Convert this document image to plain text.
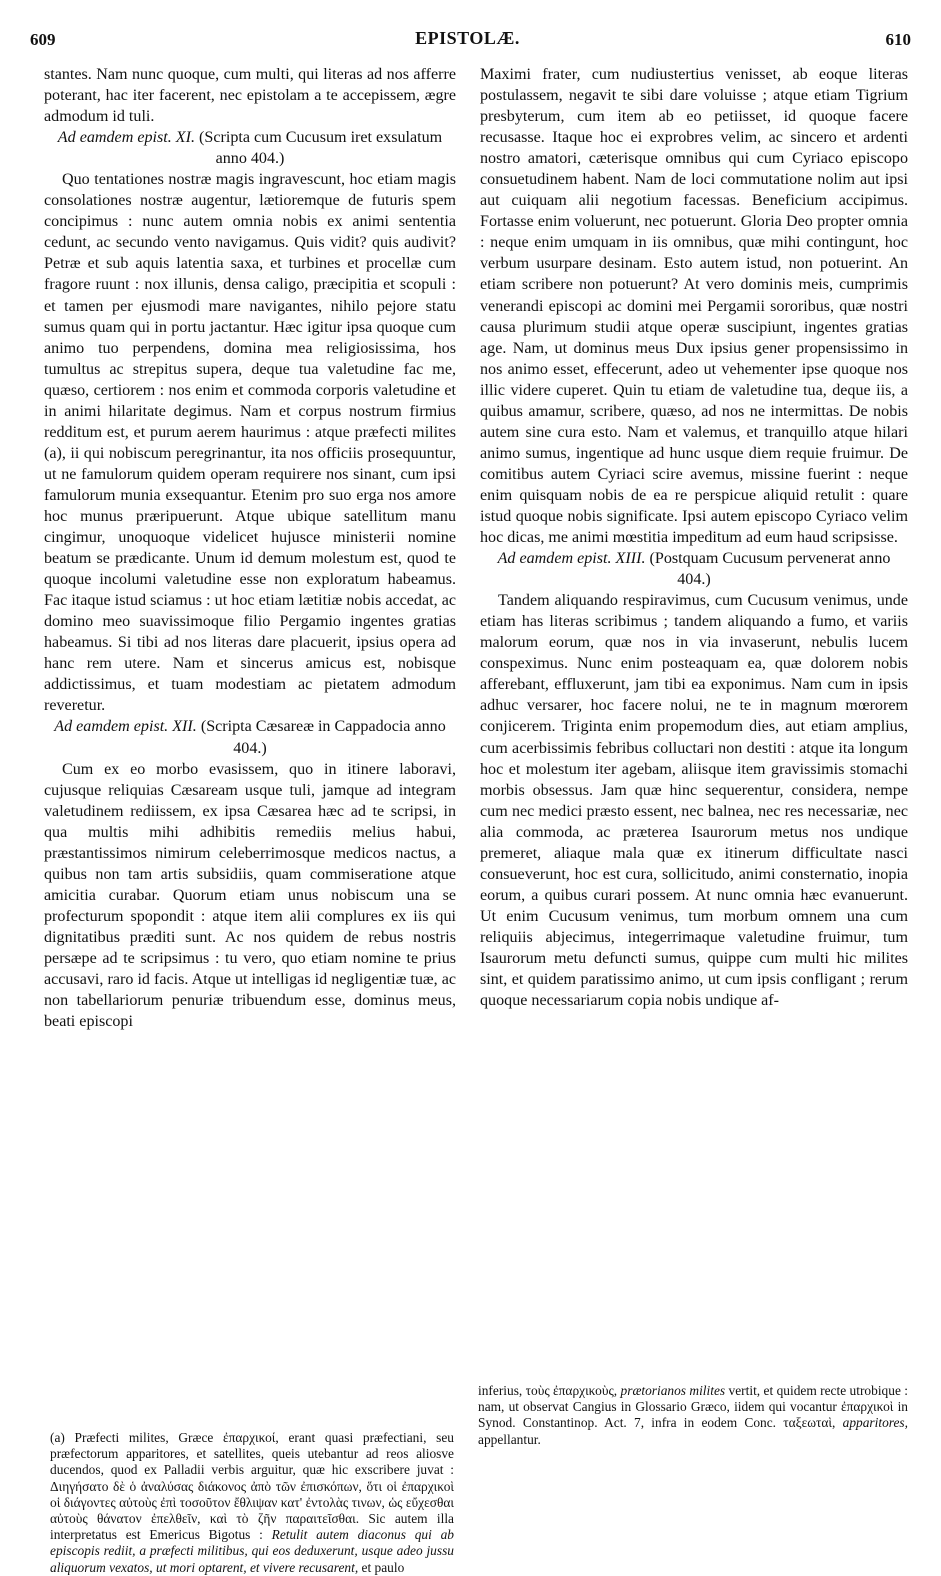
609	EPISTOLÆ.	610

stantes. Nam nunc quoque, cum multi, qui literas ad nos afferre poterant, hac iter facerent, nec epistolam a te accepissem, ægre admodum id tuli.

Ad eamdem epist. XI. (Scripta cum Cucusum iret exsulatum anno 404.)

Quo tentationes nostræ magis ingravescunt, hoc etiam magis consolationes nostræ augentur, lætioremque de futuris spem concipimus : nunc autem omnia nobis ex animi sententia cedunt, ac secundo vento navigamus. Quis vidit? quis audivit? Petræ et sub aquis latentia saxa, et turbines et procellæ cum fragore ruunt : nox illunis, densa caligo, præcipitia et scopuli : et tamen per ejusmodi mare navigantes, nihilo pejore statu sumus quam qui in portu jactantur. Hæc igitur ipsa quoque cum animo tuo perpendens, domina mea religiosissima, hos tumultus ac strepitus supera, deque tua valetudine fac me, quæso, certiorem : nos enim et commoda corporis valetudine et in animi hilaritate degimus. Nam et corpus nostrum firmius redditum est, et purum aerem haurimus : atque præfecti milites (a), ii qui nobiscum peregrinantur, ita nos officiis prosequuntur, ut ne famulorum quidem operam requirere nos sinant, cum ipsi famulorum munia exsequantur. Etenim pro suo erga nos amore hoc munus præripuerunt. Atque ubique satellitum manu cingimur, unoquoque videlicet hujusce ministerii nomine beatum se prædicante. Unum id demum molestum est, quod te quoque incolumi valetudine esse non exploratum habeamus. Fac itaque istud sciamus : ut hoc etiam lætitiæ nobis accedat, ac domino meo suavissimoque filio Pergamio ingentes gratias habeamus. Si tibi ad nos literas dare placuerit, ipsius opera ad hanc rem utere. Nam et sincerus amicus est, nobisque addictissimus, et tuam modestiam ac pietatem admodum reveretur.

Ad eamdem epist. XII. (Scripta Cæsareæ in Cappadocia anno 404.)

Cum ex eo morbo evasissem, quo in itinere laboravi, cujusque reliquias Cæsaream usque tuli, jamque ad integram valetudinem rediissem, ex ipsa Cæsarea hæc ad te scripsi, in qua multis mihi adhibitis remediis melius habui, præstantissimos nimirum celeberrimosque medicos nactus, a quibus non tam artis subsidiis, quam commiseratione atque amicitia curabar. Quorum etiam unus nobiscum una se profecturum spopondit : atque item alii complures ex iis qui dignitatibus præditi sunt. Ac nos quidem de rebus nostris persæpe ad te scripsimus : tu vero, quo etiam nomine te prius accusavi, raro id facis. Atque ut intelligas id negligentiæ tuæ, ac non tabellariorum penuriæ tribuendum esse, dominus meus, beati episcopi

(a) Præfecti milites, Græce ἐπαρχικοί, erant quasi præfectiani, seu præfectorum apparitores, et satellites, queis utebantur ad reos aliosve ducendos, quod ex Palladii verbis arguitur, quæ hic exscribere juvat : Διηγήσατο δὲ ὁ ἀναλύσας διάκονος ἀπὸ τῶν ἐπισκόπων, ὅτι οἱ ἐπαρχικοὶ οἱ διάγοντες αὐτοὺς ἐπὶ τοσοῦτον ἔθλιψαν κατ' ἐντολὰς τινων, ὡς εὔχεσθαι αὐτοὺς θάνατον ἐπελθεῖν, καὶ τὸ ζῆν παραιτεῖσθαι. Sic autem illa interpretatus est Emericus Bigotus : Retulit autem diaconus qui ab episcopis rediit, a præfecti militibus, qui eos deduxerunt, usque adeo jussu aliquorum vexatos, ut mori optarent, et vivere recusarent, et paulo

Maximi frater, cum nudiustertius venisset, ab eoque literas postulassem, negavit te sibi dare voluisse ; atque etiam Tigrium presbyterum, cum item ab eo petiisset, id quoque facere recusasse. Itaque hoc ei exprobres velim, ac sincero et ardenti nostro amatori, cæterisque omnibus qui cum Cyriaco episcopo consuetudinem habent. Nam de loci commutatione nolim aut ipsi aut cuiquam alii negotium facessas. Beneficium accipimus. Fortasse enim voluerunt, nec potuerunt. Gloria Deo propter omnia : neque enim umquam in iis omnibus, quæ mihi contingunt, hoc verbum usurpare desinam. Esto autem istud, non potuerint. An etiam scribere non potuerunt? At vero dominis meis, cumprimis venerandi episcopi ac domini mei Pergamii sororibus, quæ nostri causa plurimum studii atque operæ suscipiunt, ingentes gratias age. Nam, ut dominus meus Dux ipsius gener propensissimo in nos animo esset, effecerunt, adeo ut vehementer ipse quoque nos illic videre cuperet. Quin tu etiam de valetudine tua, deque iis, a quibus amamur, scribere, quæso, ad nos ne intermittas. De nobis autem sine cura esto. Nam et valemus, et tranquillo atque hilari animo sumus, ingentique ad hunc usque diem requie fruimur. De comitibus autem Cyriaci scire avemus, missine fuerint : neque enim quisquam nobis de ea re perspicue aliquid retulit : quare istud quoque nobis significate. Ipsi autem episcopo Cyriaco velim hoc dicas, me animi mœstitia impeditum ad eum haud scripsisse.

Ad eamdem epist. XIII. (Postquam Cucusum pervenerat anno 404.)

Tandem aliquando respiravimus, cum Cucusum venimus, unde etiam has literas scribimus ; tandem aliquando a fumo, et variis malorum eorum, quæ nos in via invaserunt, nebulis lucem conspeximus. Nunc enim posteaquam ea, quæ dolorem nobis afferebant, effluxerunt, jam tibi ea exponimus. Nam cum in ipsis adhuc versarer, hoc facere nolui, ne te in magnum mœrorem conjicerem. Triginta enim propemodum dies, aut etiam amplius, cum acerbissimis febribus colluctari non destiti : atque ita longum hoc et molestum iter agebam, aliisque item gravissimis stomachi morbis obsessus. Jam quæ hinc sequerentur, considera, nempe cum nec medici præsto essent, nec balnea, nec res necessariæ, nec alia commoda, ac præterea Isaurorum metus nos undique premeret, aliaque mala quæ ex itinerum difficultate nasci consueverunt, hoc est cura, sollicitudo, animi consternatio, inopia eorum, a quibus curari possem. At nunc omnia hæc evanuerunt. Ut enim Cucusum venimus, tum morbum omnem una cum reliquiis abjecimus, integerrimaque valetudine fruimur, tum Isaurorum metu defuncti sumus, quippe cum multi hic milites sint, et quidem paratissimo animo, ut cum ipsis confligant ; rerum quoque necessariarum copia nobis undique af-

inferius, τοὺς ἐπαρχικοὺς, prætorianos milites vertit, et quidem recte utrobique : nam, ut observat Cangius in Glossario Græco, iidem qui vocantur ἐπαρχικοὶ in Synod. Constantinop. Act. 7, infra in eodem Conc. ταξεωταὶ, apparitores, appellantur.
